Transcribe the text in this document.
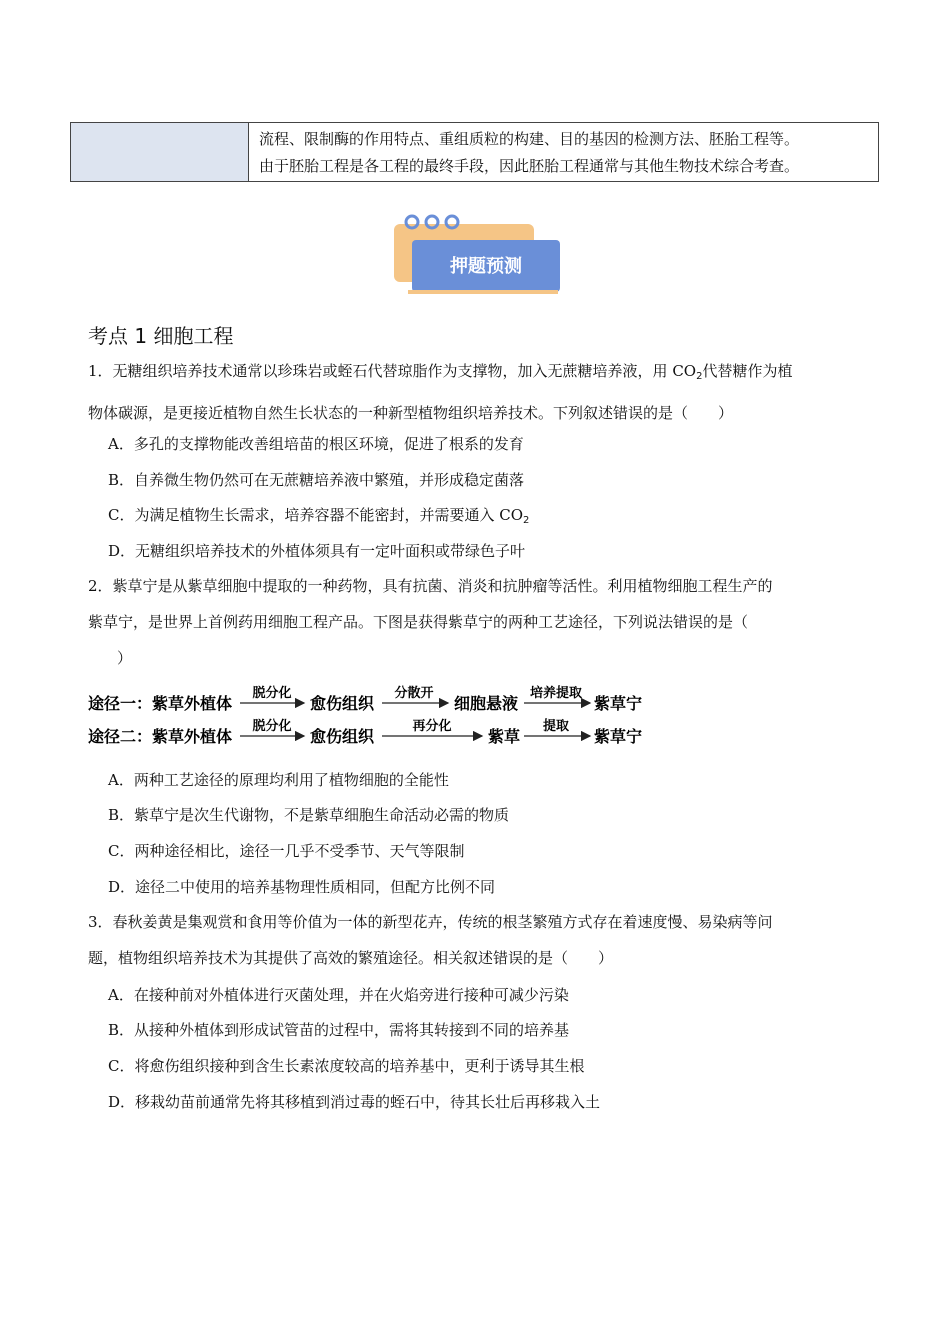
流程、限制酶的作用特点、重组质粒的构建、目的基因的检测方法、胚胎工程等。
由于胚胎工程是各工程的最终手段，因此胚胎工程通常与其他生物技术综合考查。
押题预测
考点 1 细胞工程
1．无糖组织培养技术通常以珍珠岩或蛭石代替琼脂作为支撑物，加入无蔗糖培养液，用 $CO_2$代替糖作为植
物体碳源，是更接近植物自然生长状态的一种新型植物组织培养技术。下列叙述错误的是（　　）
A．多孔的支撑物能改善组培苗的根区环境，促进了根系的发育
B．自养微生物仍然可在无蔗糖培养液中繁殖，并形成稳定菌落
C．为满足植物生长需求，培养容器不能密封，并需要通入 $CO_2$
D．无糖组织培养技术的外植体须具有一定叶面积或带绿色子叶
2．紫草宁是从紫草细胞中提取的一种药物，具有抗菌、消炎和抗肿瘤等活性。利用植物细胞工程生产的
紫草宁，是世界上首例药用细胞工程产品。下图是获得紫草宁的两种工艺途径，下列说法错误的是（
　）
途径一： 紫草外植体
脱分化
愈伤组织
分散开
细胞悬液
培养提取
紫草宁
途径二： 紫草外植体
脱分化
愈伤组织
再分化
紫草
提取
紫草宁
A．两种工艺途径的原理均利用了植物细胞的全能性
B．紫草宁是次生代谢物，不是紫草细胞生命活动必需的物质
C．两种途径相比，途径一几乎不受季节、天气等限制
D．途径二中使用的培养基物理性质相同，但配方比例不同
3．春秋姜黄是集观赏和食用等价值为一体的新型花卉，传统的根茎繁殖方式存在着速度慢、易染病等问
题，植物组织培养技术为其提供了高效的繁殖途径。相关叙述错误的是（　　）
A．在接种前对外植体进行灭菌处理，并在火焰旁进行接种可减少污染
B．从接种外植体到形成试管苗的过程中，需将其转接到不同的培养基
C．将愈伤组织接种到含生长素浓度较高的培养基中，更利于诱导其生根
D．移栽幼苗前通常先将其移植到消过毒的蛭石中，待其长壮后再移栽入土
